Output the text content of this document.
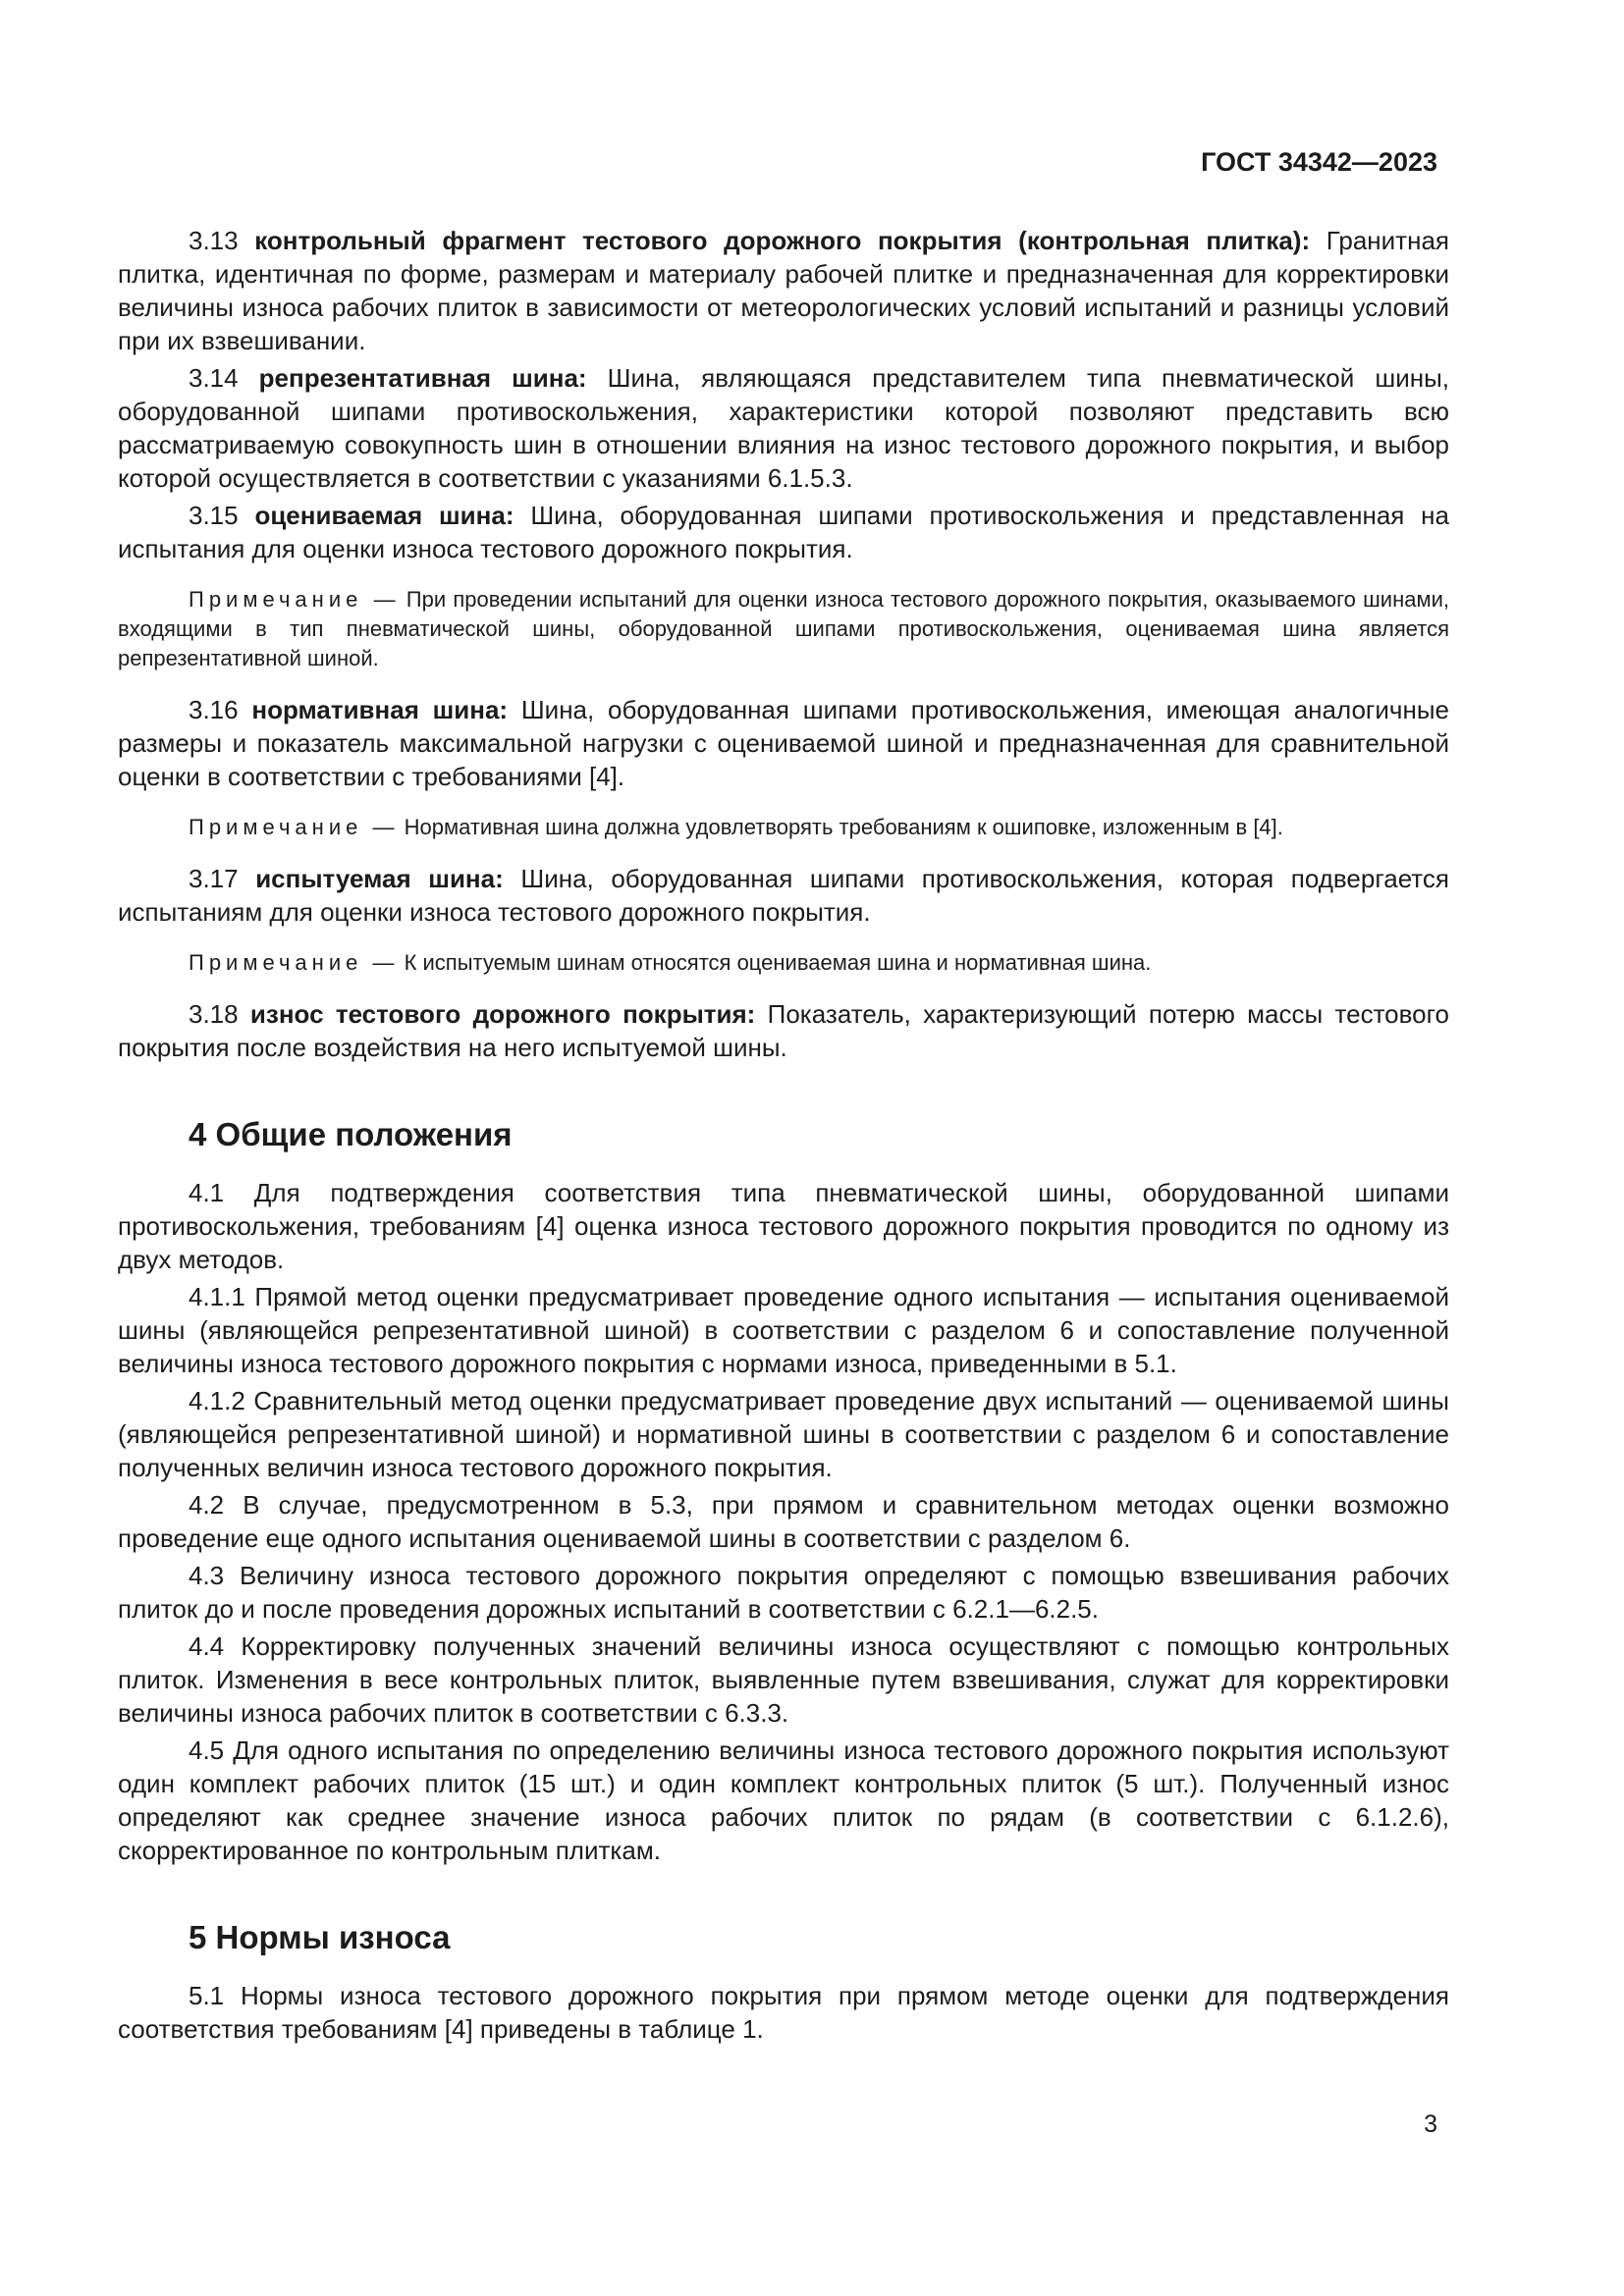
ГОСТ 34342—2023

3.13 контрольный фрагмент тестового дорожного покрытия (контрольная плитка): Гранитная плитка, идентичная по форме, размерам и материалу рабочей плитке и предназначенная для корректировки величины износа рабочих плиток в зависимости от метеорологических условий испытаний и разницы условий при их взвешивании.

3.14 репрезентативная шина: Шина, являющаяся представителем типа пневматической шины, оборудованной шипами противоскольжения, характеристики которой позволяют представить всю рассматриваемую совокупность шин в отношении влияния на износ тестового дорожного покрытия, и выбор которой осуществляется в соответствии с указаниями 6.1.5.3.

3.15 оцениваемая шина: Шина, оборудованная шипами противоскольжения и представленная на испытания для оценки износа тестового дорожного покрытия.

Примечание — При проведении испытаний для оценки износа тестового дорожного покрытия, оказываемого шинами, входящими в тип пневматической шины, оборудованной шипами противоскольжения, оцениваемая шина является репрезентативной шиной.

3.16 нормативная шина: Шина, оборудованная шипами противоскольжения, имеющая аналогичные размеры и показатель максимальной нагрузки с оцениваемой шиной и предназначенная для сравнительной оценки в соответствии с требованиями [4].

Примечание — Нормативная шина должна удовлетворять требованиям к ошиповке, изложенным в [4].

3.17 испытуемая шина: Шина, оборудованная шипами противоскольжения, которая подвергается испытаниям для оценки износа тестового дорожного покрытия.

Примечание — К испытуемым шинам относятся оцениваемая шина и нормативная шина.

3.18 износ тестового дорожного покрытия: Показатель, характеризующий потерю массы тестового покрытия после воздействия на него испытуемой шины.

4 Общие положения

4.1 Для подтверждения соответствия типа пневматической шины, оборудованной шипами противоскольжения, требованиям [4] оценка износа тестового дорожного покрытия проводится по одному из двух методов.

4.1.1 Прямой метод оценки предусматривает проведение одного испытания — испытания оцениваемой шины (являющейся репрезентативной шиной) в соответствии с разделом 6 и сопоставление полученной величины износа тестового дорожного покрытия с нормами износа, приведенными в 5.1.

4.1.2 Сравнительный метод оценки предусматривает проведение двух испытаний — оцениваемой шины (являющейся репрезентативной шиной) и нормативной шины в соответствии с разделом 6 и сопоставление полученных величин износа тестового дорожного покрытия.

4.2 В случае, предусмотренном в 5.3, при прямом и сравнительном методах оценки возможно проведение еще одного испытания оцениваемой шины в соответствии с разделом 6.

4.3 Величину износа тестового дорожного покрытия определяют с помощью взвешивания рабочих плиток до и после проведения дорожных испытаний в соответствии с 6.2.1—6.2.5.

4.4 Корректировку полученных значений величины износа осуществляют с помощью контрольных плиток. Изменения в весе контрольных плиток, выявленные путем взвешивания, служат для корректировки величины износа рабочих плиток в соответствии с 6.3.3.

4.5 Для одного испытания по определению величины износа тестового дорожного покрытия используют один комплект рабочих плиток (15 шт.) и один комплект контрольных плиток (5 шт.). Полученный износ определяют как среднее значение износа рабочих плиток по рядам (в соответствии с 6.1.2.6), скорректированное по контрольным плиткам.

5 Нормы износа

5.1 Нормы износа тестового дорожного покрытия при прямом методе оценки для подтверждения соответствия требованиям [4] приведены в таблице 1.

3
